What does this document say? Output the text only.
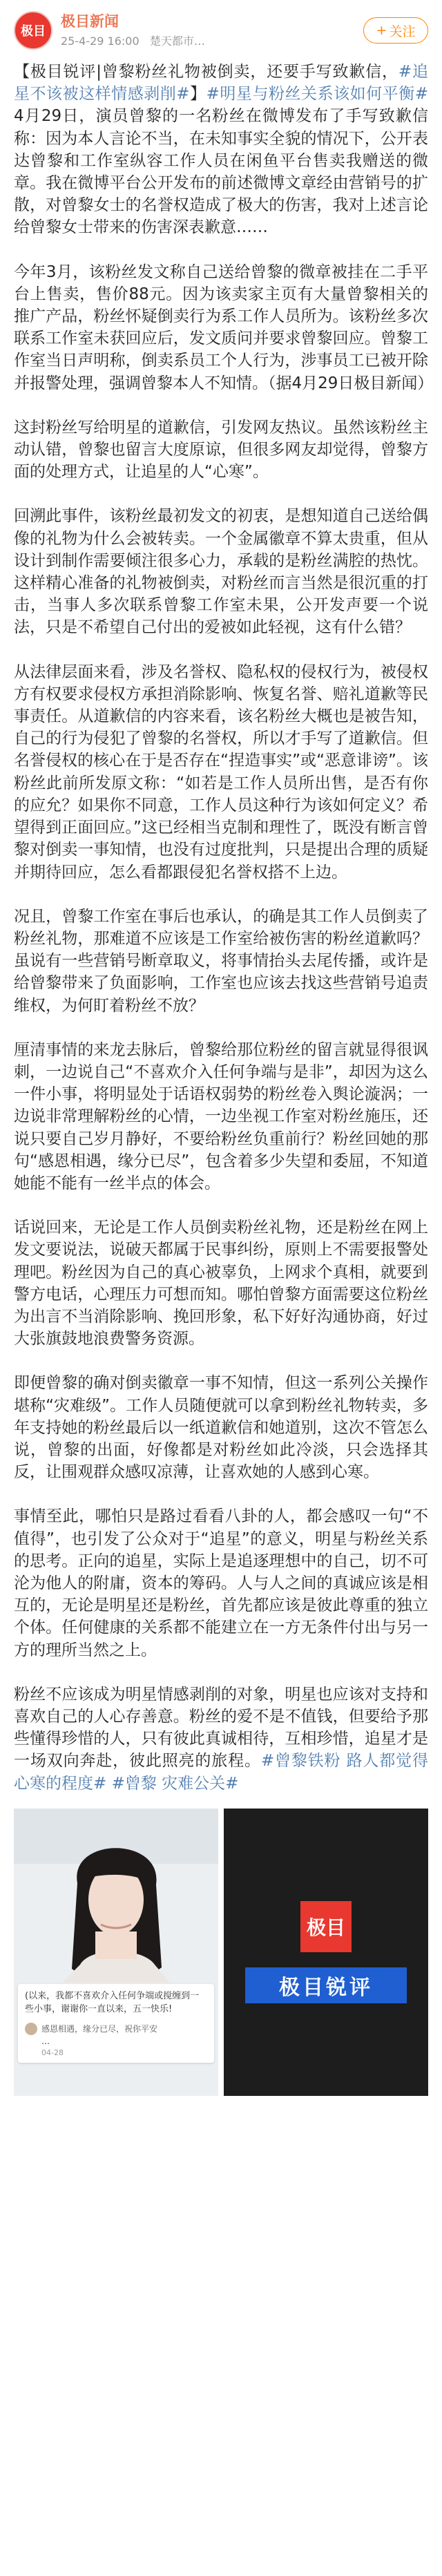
极目
极目新闻
25-4-29 16:00 楚天都市…
+ 关注
【极目锐评|曾黎粉丝礼物被倒卖，还要手写致歉信，#追星不该被这样情感剥削#】#明星与粉丝关系该如何平衡#4月29日，演员曾黎的一名粉丝在微博发布了手写致歉信称：因为本人言论不当，在未知事实全貌的情况下，公开表达曾黎和工作室纵容工作人员在闲鱼平台售卖我赠送的微章。我在微博平台公开发布的前述微博文章经由营销号的扩散，对曾黎女士的名誉权造成了极大的伤害，我对上述言论给曾黎女士带来的伤害深表歉意……
今年3月，该粉丝发文称自己送给曾黎的微章被挂在二手平台上售卖，售价88元。因为该卖家主页有大量曾黎相关的推广产品，粉丝怀疑倒卖行为系工作人员所为。该粉丝多次联系工作室未获回应后，发文质问并要求曾黎回应。曾黎工作室当日声明称，倒卖系员工个人行为，涉事员工已被开除并报警处理，强调曾黎本人不知情。（据4月29日极目新闻）
这封粉丝写给明星的道歉信，引发网友热议。虽然该粉丝主动认错，曾黎也留言大度原谅，但很多网友却觉得，曾黎方面的处理方式，让追星的人“心寒”。
回溯此事件，该粉丝最初发文的初衷，是想知道自己送给偶像的礼物为什么会被转卖。一个金属徽章不算太贵重，但从设计到制作需要倾注很多心力，承载的是粉丝满腔的热忱。这样精心准备的礼物被倒卖，对粉丝而言当然是很沉重的打击，当事人多次联系曾黎工作室未果，公开发声要一个说法，只是不希望自己付出的爱被如此轻视，这有什么错？
从法律层面来看，涉及名誉权、隐私权的侵权行为，被侵权方有权要求侵权方承担消除影响、恢复名誉、赔礼道歉等民事责任。从道歉信的内容来看，该名粉丝大概也是被告知，自己的行为侵犯了曾黎的名誉权，所以才手写了道歉信。但名誉侵权的核心在于是否存在“捏造事实”或“恶意诽谤”。该粉丝此前所发原文称：“如若是工作人员所出售，是否有你的应允？如果你不同意，工作人员这种行为该如何定义？希望得到正面回应。”这已经相当克制和理性了，既没有断言曾黎对倒卖一事知情，也没有过度批判，只是提出合理的质疑并期待回应，怎么看都跟侵犯名誉权搭不上边。
况且，曾黎工作室在事后也承认，的确是其工作人员倒卖了粉丝礼物，那难道不应该是工作室给被伤害的粉丝道歉吗？虽说有一些营销号断章取义，将事情抬头去尾传播，或许是给曾黎带来了负面影响，工作室也应该去找这些营销号追责维权，为何盯着粉丝不放？
厘清事情的来龙去脉后，曾黎给那位粉丝的留言就显得很讽刺，一边说自己“不喜欢介入任何争端与是非”，却因为这么一件小事，将明显处于话语权弱势的粉丝卷入舆论漩涡；一边说非常理解粉丝的心情，一边坐视工作室对粉丝施压，还说只要自己岁月静好，不要给粉丝负重前行？粉丝回她的那句“感恩相遇，缘分已尽”，包含着多少失望和委屈，不知道她能不能有一丝半点的体会。
话说回来，无论是工作人员倒卖粉丝礼物，还是粉丝在网上发文要说法，说破天都属于民事纠纷，原则上不需要报警处理吧。粉丝因为自己的真心被辜负，上网求个真相，就要到警方电话，心理压力可想而知。哪怕曾黎方面需要这位粉丝为出言不当消除影响、挽回形象，私下好好沟通协商，好过大张旗鼓地浪费警务资源。
即便曾黎的确对倒卖徽章一事不知情，但这一系列公关操作堪称“灾难级”。工作人员随便就可以拿到粉丝礼物转卖，多年支持她的粉丝最后以一纸道歉信和她道别，这次不管怎么说，曾黎的出面，好像都是对粉丝如此冷淡，只会选择其反，让围观群众感叹凉薄，让喜欢她的人感到心寒。
事情至此，哪怕只是路过看看八卦的人，都会感叹一句“不值得”，也引发了公众对于“追星”的意义，明星与粉丝关系的思考。正向的追星，实际上是追逐理想中的自己，切不可沦为他人的附庸，资本的筹码。人与人之间的真诚应该是相互的，无论是明星还是粉丝，首先都应该是彼此尊重的独立个体。任何健康的关系都不能建立在一方无条件付出与另一方的理所当然之上。
粉丝不应该成为明星情感剥削的对象，明星也应该对支持和喜欢自己的人心存善意。粉丝的爱不是不值钱，但要给予那些懂得珍惜的人，只有彼此真诚相待，互相珍惜，追星才是一场双向奔赴，彼此照亮的旅程。#曾黎铁粉 路人都觉得心寒的程度# #曾黎 灾难公关#
(以来，我都不喜欢介入任何争端或搅缠到一些小事，谢谢你一直以来，五一快乐!
感恩相遇，缘分已尽，祝你平安
…
04-28
极目
极目锐评
